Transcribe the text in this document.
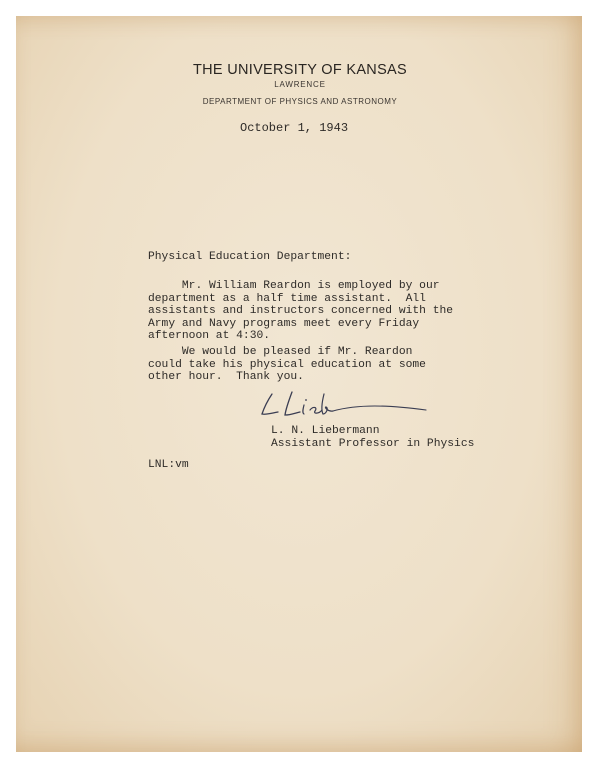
THE UNIVERSITY OF KANSAS
LAWRENCE
DEPARTMENT OF PHYSICS AND ASTRONOMY
October 1, 1943
Physical Education Department:
Mr. William Reardon is employed by our
department as a half time assistant.  All
assistants and instructors concerned with the
Army and Navy programs meet every Friday
afternoon at 4:30.
We would be pleased if Mr. Reardon
could take his physical education at some
other hour.  Thank you.
L. N. Liebermann
Assistant Professor in Physics
LNL:vm
